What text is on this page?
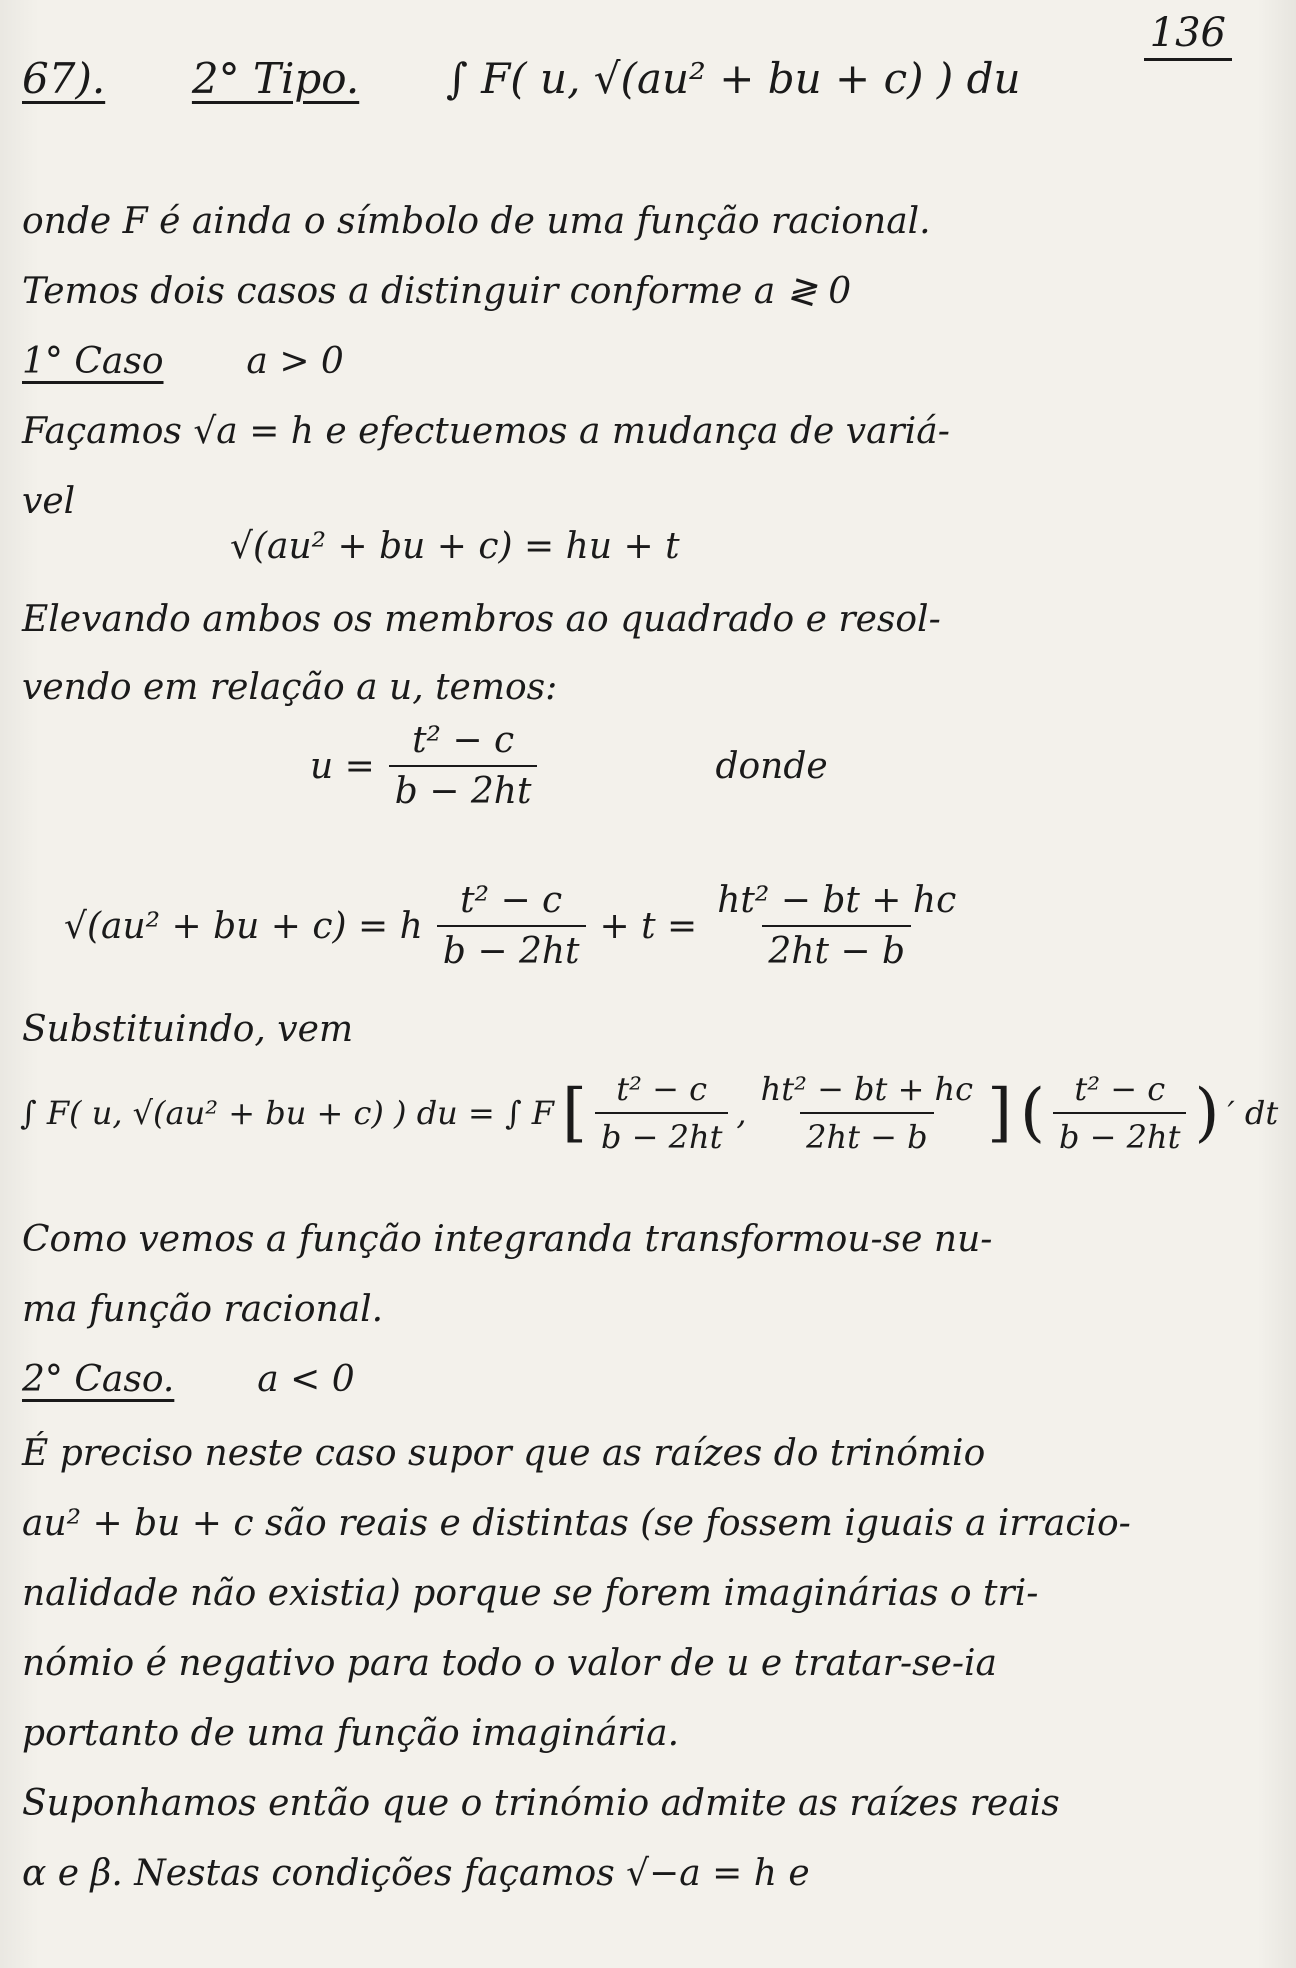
136
67). 2° Tipo. ∫ F( u, √(au² + bu + c) ) du
onde F é ainda o símbolo de uma função racional.
Temos dois casos a distinguir conforme a ≷ 0
1° Caso a > 0
Façamos √a = h e efectuemos a mudança de variá-
vel
√(au² + bu + c) = hu + t
Elevando ambos os membros ao quadrado e resol-
vendo em relação a u, temos:
$u = \frac{\text{t² − c}}{b - 2ht}$	donde
√(au² + bu + c) = h $\frac{\text{t² − c}}{b - 2ht} + t = \frac{\text{ht² − bt + hc}}{2ht - b}$
Substituindo, vem
∫ F( u, √(au² + bu + c) ) du = ∫ F [ $\frac{\text{t² − c}}{b - 2ht}$ , $\frac{\text{ht² − bt + hc}}{2ht - b}$ ] ( $\frac{\text{t² − c}}{b - 2ht}$ ) ′ dt
Como vemos a função integranda transformou-se nu-
ma função racional.
2° Caso. a < 0
É preciso neste caso supor que as raízes do trinómio
au² + bu + c são reais e distintas (se fossem iguais a irracio-
nalidade não existia) porque se forem imaginárias o tri-
nómio é negativo para todo o valor de u e tratar-se-ia
portanto de uma função imaginária.
Suponhamos então que o trinómio admite as raízes reais
α e β. Nestas condições façamos √−a = h e
